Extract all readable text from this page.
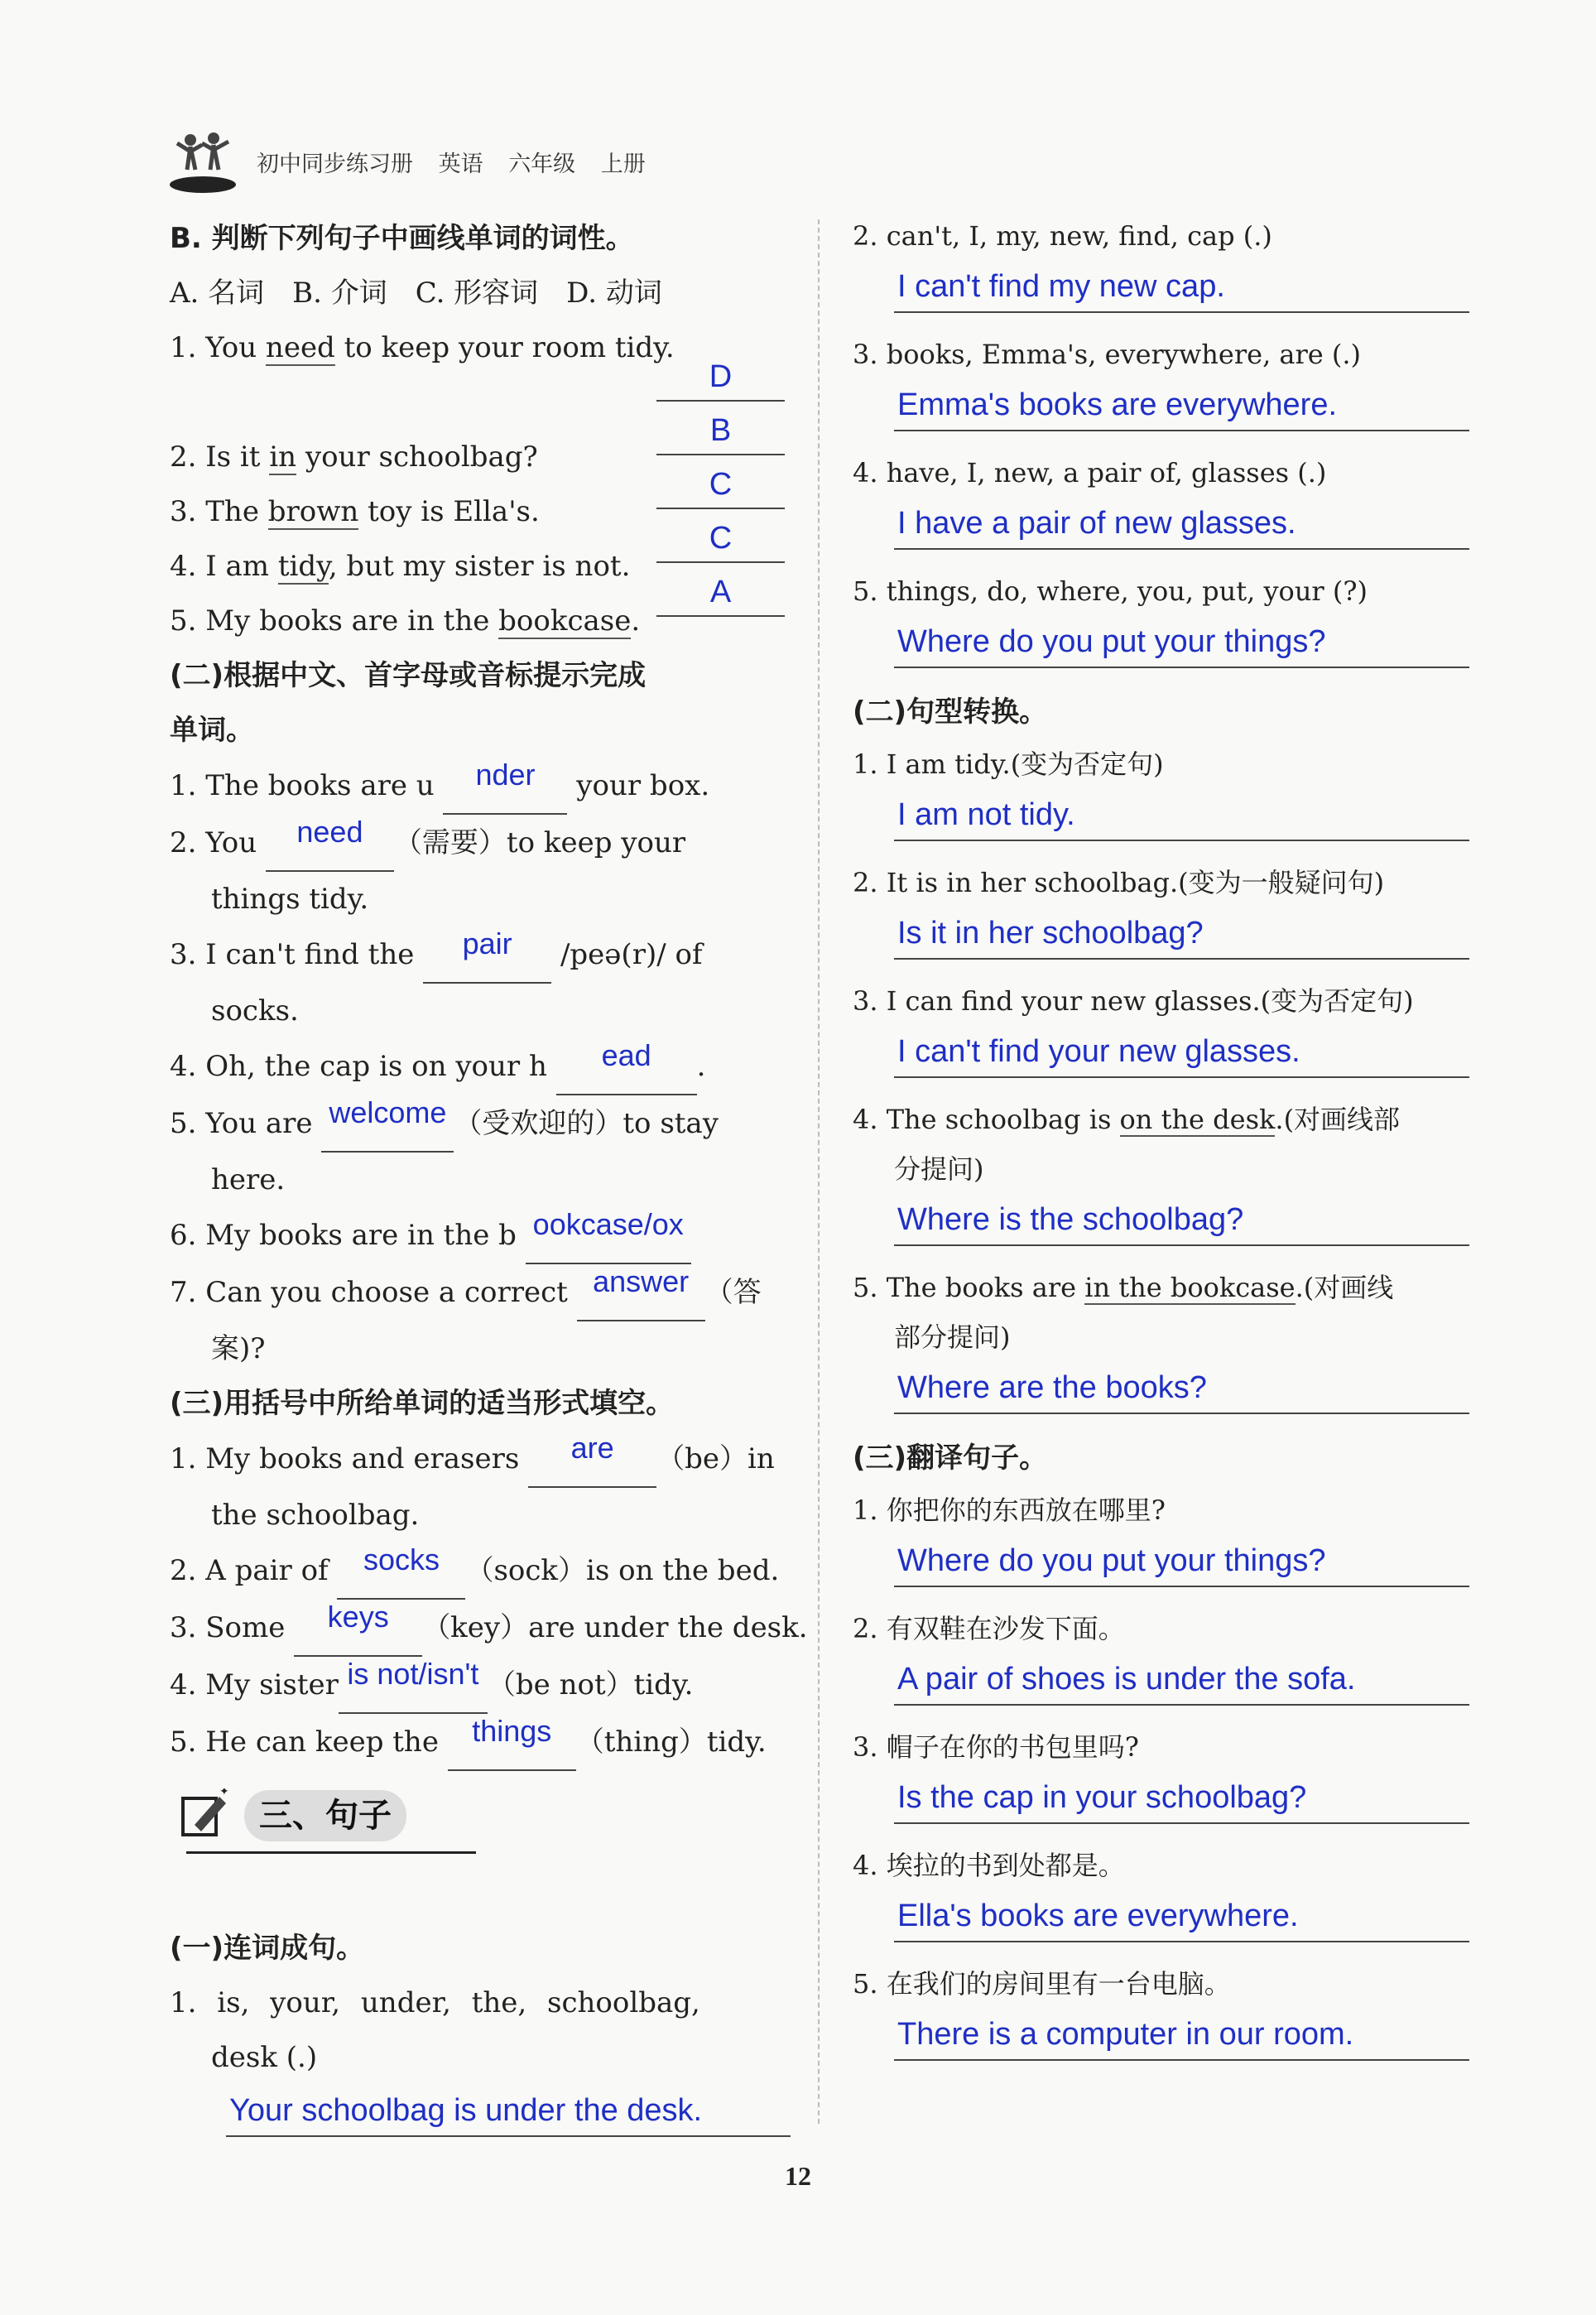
初中同步练习册 英语 六年级 上册
B. 判断下列句子中画线单词的词性。
A. 名词　B. 介词　C. 形容词　D. 动词
1. You need to keep your room tidy.
2. Is it in your schoolbag?
3. The brown toy is Ella's.
4. I am tidy, but my sister is not.
5. My books are in the bookcase.
(二)根据中文、首字母或音标提示完成
单词。
1. The books are u nder your box.
2. You need （需要）to keep your
things tidy.
3. I can't find the pair /peə(r)/ of
socks.
4. Oh, the cap is on your h ead .
5. You are welcome （受欢迎的）to stay
here.
6. My books are in the b ookcase/ox
7. Can you choose a correct answer （答
案)?
(三)用括号中所给单词的适当形式填空。
1. My books and erasers are （be）in
the schoolbag.
2. A pair of socks （sock）is on the bed.
3. Some keys （key）are under the desk.
4. My sister is not/isn't （be not）tidy.
5. He can keep the things （thing）tidy.
D
B
C
C
A
✦
三、句子
(一)连词成句。
1. is, your, under, the, schoolbag,
desk (.)
Your schoolbag is under the desk.
2. can't, I, my, new, find, cap (.)
I can't find my new cap.
3. books, Emma's, everywhere, are (.)
Emma's books are everywhere.
4. have, I, new, a pair of, glasses (.)
I have a pair of new glasses.
5. things, do, where, you, put, your (?)
Where do you put your things?
(二)句型转换。
1. I am tidy.(变为否定句)
I am not tidy.
2. It is in her schoolbag.(变为一般疑问句)
Is it in her schoolbag?
3. I can find your new glasses.(变为否定句)
I can't find your new glasses.
4. The schoolbag is on the desk.(对画线部
分提问)
Where is the schoolbag?
5. The books are in the bookcase.(对画线
部分提问)
Where are the books?
(三)翻译句子。
1. 你把你的东西放在哪里?
Where do you put your things?
2. 有双鞋在沙发下面。
A pair of shoes is under the sofa.
3. 帽子在你的书包里吗?
Is the cap in your schoolbag?
4. 埃拉的书到处都是。
Ella's books are everywhere.
5. 在我们的房间里有一台电脑。
There is a computer in our room.
12
